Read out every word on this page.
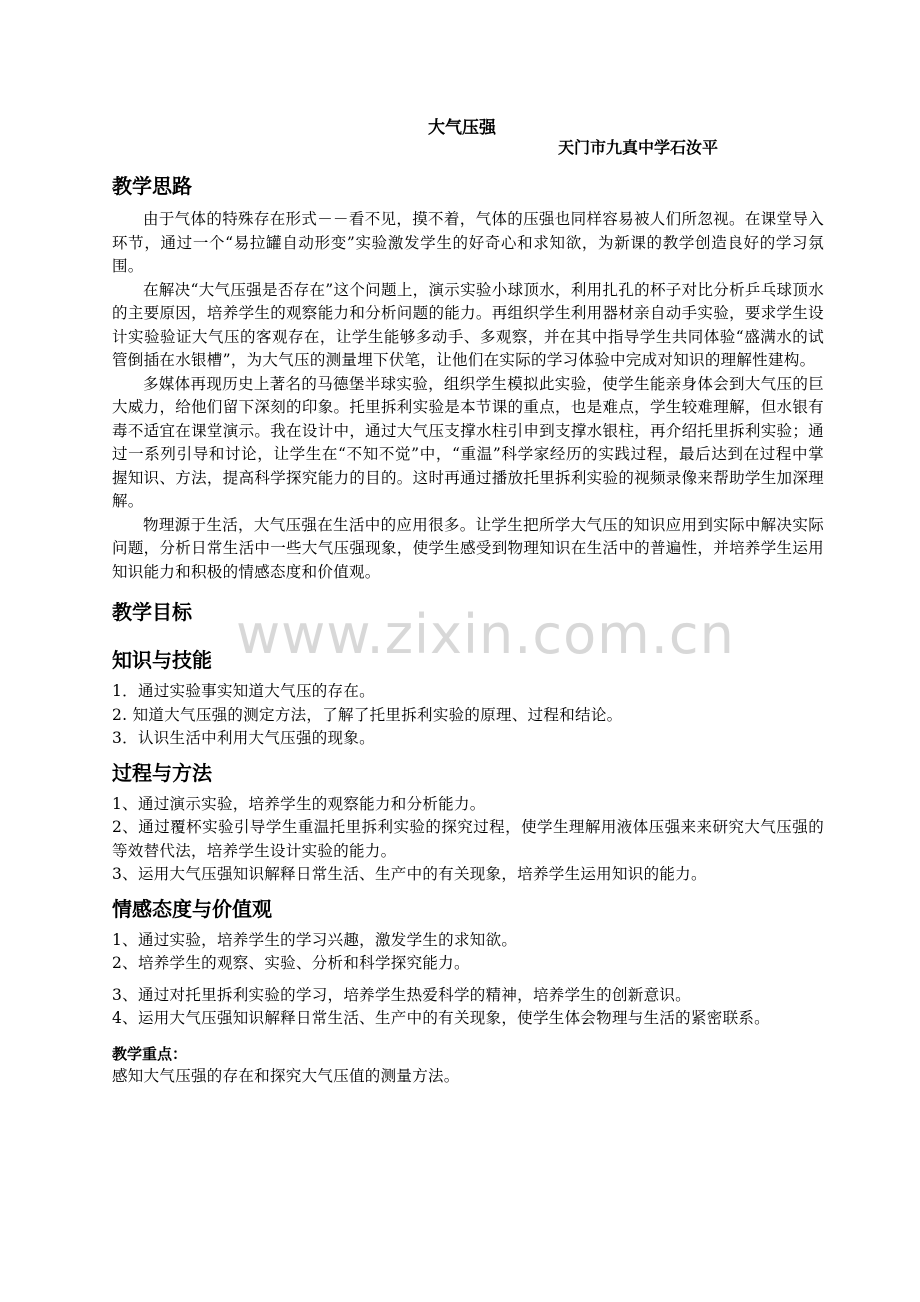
大气压强
天门市九真中学石汝平
www.zixin.com.cn
教学思路

由于气体的特殊存在形式－－看不见，摸不着，气体的压强也同样容易被人们所忽视。在课堂导入环节，通过一个“易拉罐自动形变”实验激发学生的好奇心和求知欲，为新课的教学创造良好的学习氛围。

在解决“大气压强是否存在”这个问题上，演示实验小球顶水，利用扎孔的杯子对比分析乒乓球顶水的主要原因，培养学生的观察能力和分析问题的能力。再组织学生利用器材亲自动手实验，要求学生设计实验验证大气压的客观存在，让学生能够多动手、多观察，并在其中指导学生共同体验“盛满水的试管倒插在水银槽”，为大气压的测量埋下伏笔，让他们在实际的学习体验中完成对知识的理解性建构。

多媒体再现历史上著名的马德堡半球实验，组织学生模拟此实验，使学生能亲身体会到大气压的巨大威力，给他们留下深刻的印象。托里拆利实验是本节课的重点，也是难点，学生较难理解，但水银有毒不适宜在课堂演示。我在设计中，通过大气压支撑水柱引申到支撑水银柱，再介绍托里拆利实验；通过一系列引导和讨论，让学生在“不知不觉”中，“重温”科学家经历的实践过程，最后达到在过程中掌握知识、方法，提高科学探究能力的目的。这时再通过播放托里拆利实验的视频录像来帮助学生加深理解。

物理源于生活，大气压强在生活中的应用很多。让学生把所学大气压的知识应用到实际中解决实际问题，分析日常生活中一些大气压强现象，使学生感受到物理知识在生活中的普遍性，并培养学生运用知识能力和积极的情感态度和价值观。

教学目标
知识与技能

1．通过实验事实知道大气压的存在。

2. 知道大气压强的测定方法，了解了托里拆利实验的原理、过程和结论。

3．认识生活中利用大气压强的现象。

过程与方法

1、通过演示实验，培养学生的观察能力和分析能力。

2、通过覆杯实验引导学生重温托里拆利实验的探究过程，使学生理解用液体压强来来研究大气压强的等效替代法，培养学生设计实验的能力。

3、运用大气压强知识解释日常生活、生产中的有关现象，培养学生运用知识的能力。

情感态度与价值观

1、通过实验，培养学生的学习兴趣，激发学生的求知欲。

2、培养学生的观察、实验、分析和科学探究能力。

3、通过对托里拆利实验的学习，培养学生热爱科学的精神，培养学生的创新意识。

4、运用大气压强知识解释日常生活、生产中的有关现象，使学生体会物理与生活的紧密联系。

教学重点：

感知大气压强的存在和探究大气压值的测量方法。
